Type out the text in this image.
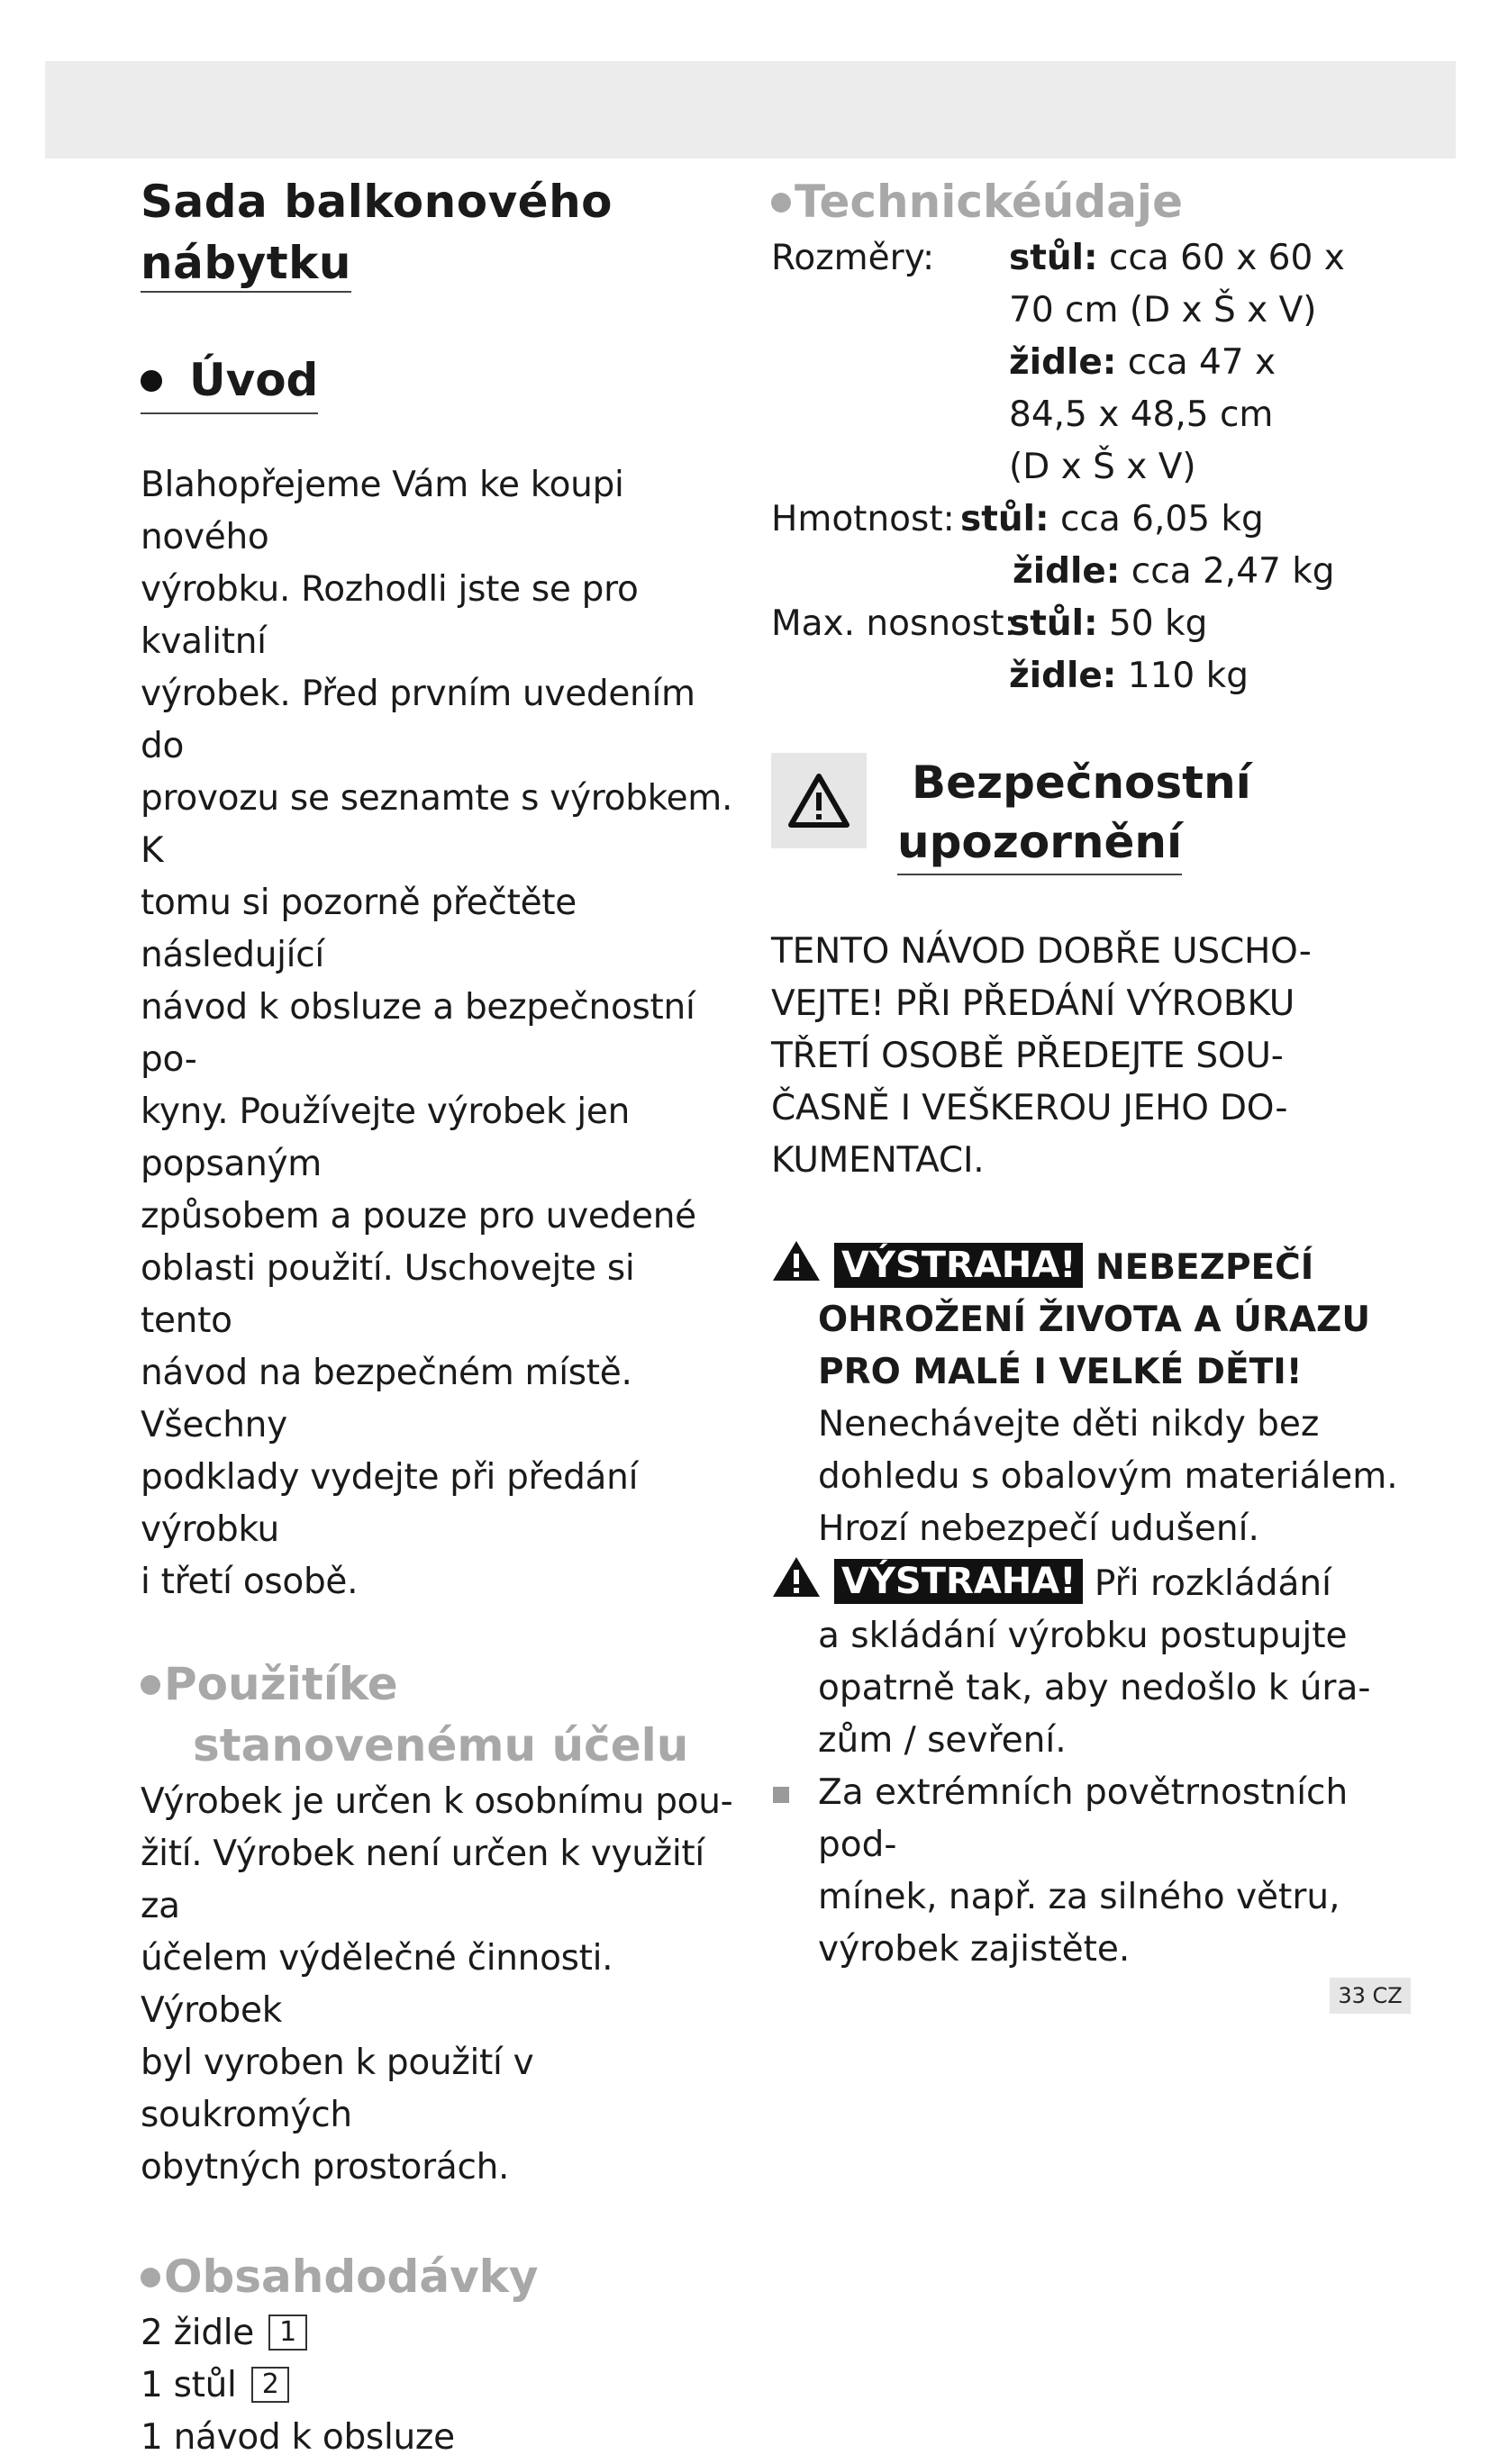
Sada balkonového
nábytku
Úvod

Blahopřejeme Vám ke koupi nového

výrobku. Rozhodli jste se pro kvalitní

výrobek. Před prvním uvedením do

provozu se seznamte s výrobkem. K

tomu si pozorně přečtěte následující

návod k obsluze a bezpečnostní po-

kyny. Používejte výrobek jen popsaným

způsobem a pouze pro uvedené

oblasti použití. Uschovejte si tento

návod na bezpečném místě. Všechny

podklady vydejte při předání výrobku

i třetí osobě.

Použitíke
stanovenému účelu

Výrobek je určen k osobnímu pou-

žití. Výrobek není určen k využití za

účelem výdělečné činnosti. Výrobek

byl vyroben k použití v soukromých

obytných prostorách.

Obsahdodávky

2 židle 1

1 stůl 2

1 návod k obsluze

Technickéúdaje
Rozměry: stůl: cca 60 x 60 x
70 cm (D x Š x V)
židle: cca 47 x
84,5 x 48,5 cm
(D x Š x V)
Hmotnost: stůl: cca 6,05 kg
židle: cca 2,47 kg
Max. nosnost:
stůl: 50 kg
židle: 110 kg
Bezpečnostní
upozornění

TENTO NÁVOD DOBŘE USCHO-

VEJTE! PŘI PŘEDÁNÍ VÝROBKU

TŘETÍ OSOBĚ PŘEDEJTE SOU-

ČASNĚ I VEŠKEROU JEHO DO-

KUMENTACI.

VÝSTRAHA! NEBEZPEČÍ
OHROŽENÍ ŽIVOTA A ÚRAZU
PRO MALÉ I VELKÉ DĚTI!
Nenechávejte děti nikdy bez
dohledu s obalovým materiálem.
Hrozí nebezpečí udušení.
VÝSTRAHA! Při rozkládání
a skládání výrobku postupujte
opatrně tak, aby nedošlo k úra-
zům / sevření.
Za extrémních povětrnostních pod-
mínek, např. za silného větru,
výrobek zajistěte.
33 CZ
